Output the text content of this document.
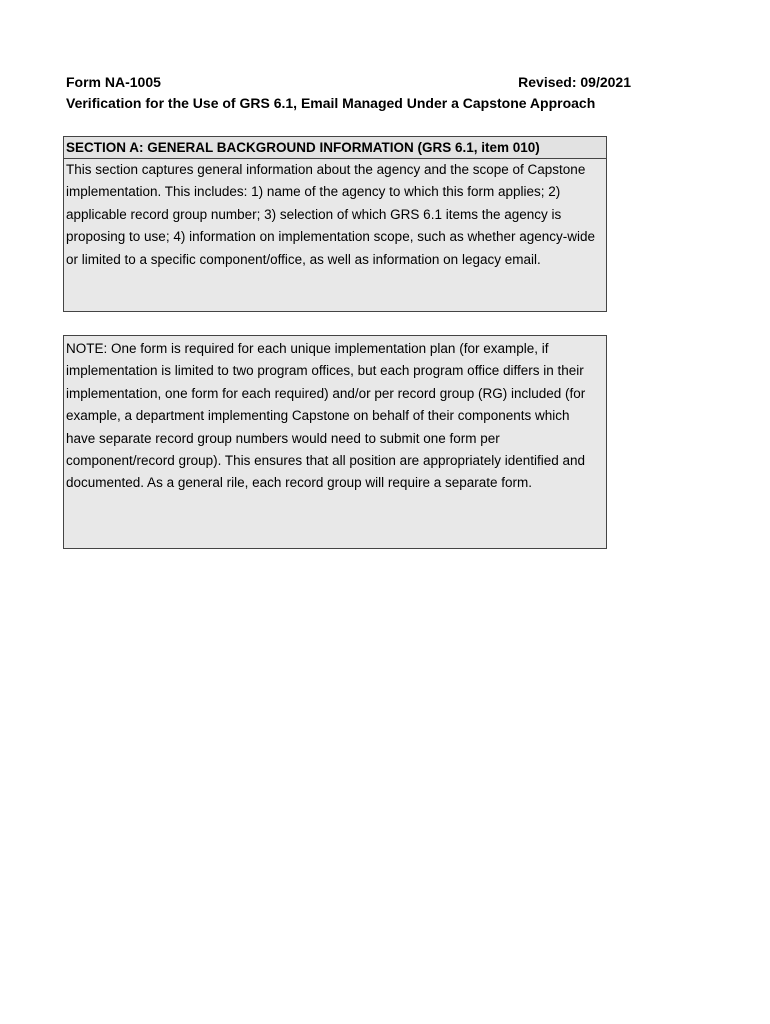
Form NA-1005	Revised: 09/2021
Verification for the Use of GRS 6.1, Email Managed Under a Capstone Approach
SECTION A: GENERAL BACKGROUND INFORMATION (GRS 6.1, item 010)
This section captures general information about the agency and the scope of Capstone implementation. This includes: 1) name of the agency to which this form applies; 2) applicable record group number; 3) selection of which GRS 6.1 items the agency is proposing to use; 4) information on implementation scope, such as whether agency-wide or limited to a specific component/office, as well as information on legacy email.
NOTE: One form is required for each unique implementation plan (for example, if implementation is limited to two program offices, but each program office differs in their implementation, one form for each required) and/or per record group (RG) included (for example, a department implementing Capstone on behalf of their components which have separate record group numbers would need to submit one form per component/record group). This ensures that all position are appropriately identified and documented. As a general rile, each record group will require a separate form.
